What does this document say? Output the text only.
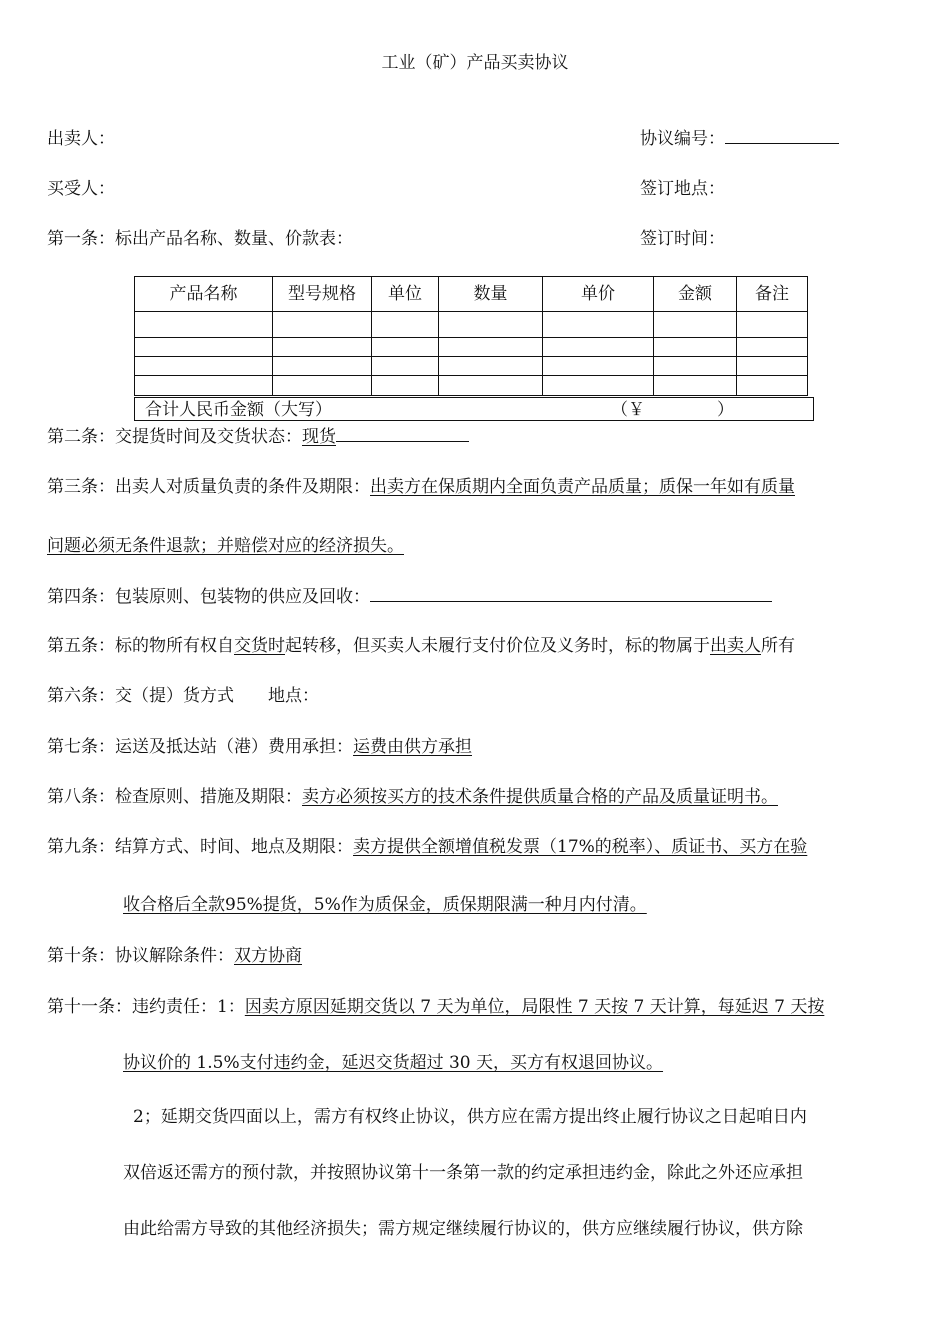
工业（矿）产品买卖协议
出卖人：	协议编号：
买受人：	签订地点：
第一条：标出产品名称、数量、价款表：	签订时间：
产品名称	型号规格	单位	数量	单价	金额	备注

合计人民币金额（大写）	（￥	）
第二条：交提货时间及交货状态：现货
第三条：出卖人对质量负责的条件及期限：出卖方在保质期内全面负责产品质量；质保一年如有质量
问题必须无条件退款；并赔偿对应的经济损失。
第四条：包装原则、包装物的供应及回收：
第五条：标的物所有权自交货时起转移，但买卖人未履行支付价位及义务时，标的物属于出卖人所有
第六条：交（提）货方式　　地点：
第七条：运送及抵达站（港）费用承担：运费由供方承担
第八条：检查原则、措施及期限：卖方必须按买方的技术条件提供质量合格的产品及质量证明书。
第九条：结算方式、时间、地点及期限：卖方提供全额增值税发票（17%的税率）、质证书、买方在验
收合格后全款95%提货，5%作为质保金，质保期限满一种月内付清。
第十条：协议解除条件：双方协商
第十一条：违约责任：1：因卖方原因延期交货以 7 天为单位，局限性 7 天按 7 天计算，每延迟 7 天按
协议价的 1.5%支付违约金，延迟交货超过 30 天，买方有权退回协议。
2；延期交货四面以上，需方有权终止协议，供方应在需方提出终止履行协议之日起咱日内
双倍返还需方的预付款，并按照协议第十一条第一款的约定承担违约金，除此之外还应承担
由此给需方导致的其他经济损失；需方规定继续履行协议的，供方应继续履行协议，供方除
